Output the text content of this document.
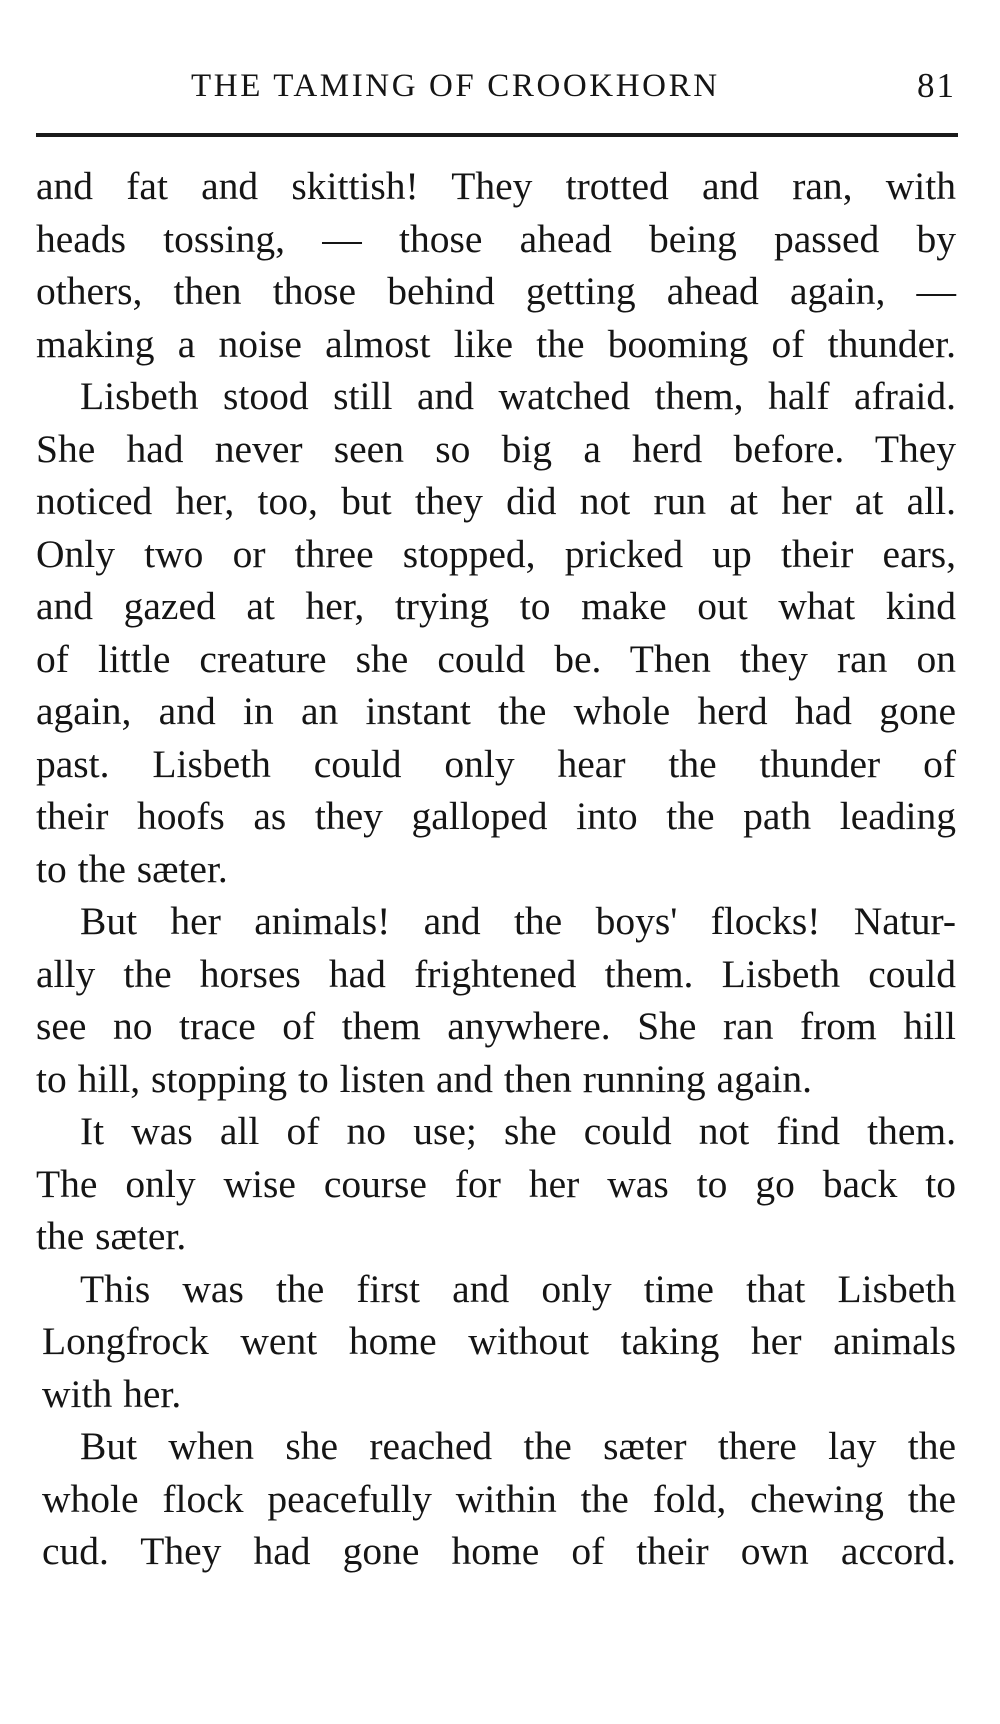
THE TAMING OF CROOKHORN	81
and fat and skittish! They trotted and ran, with
heads tossing, — those ahead being passed by
others, then those behind getting ahead again, —
making a noise almost like the booming of thunder.
Lisbeth stood still and watched them, half afraid.
She had never seen so big a herd before. They
noticed her, too, but they did not run at her at all.
Only two or three stopped, pricked up their ears,
and gazed at her, trying to make out what kind
of little creature she could be. Then they ran on
again, and in an instant the whole herd had gone
past. Lisbeth could only hear the thunder of
their hoofs as they galloped into the path leading
to the sæter.
But her animals! and the boys' flocks! Natur-
ally the horses had frightened them. Lisbeth could
see no trace of them anywhere. She ran from hill
to hill, stopping to listen and then running again.
It was all of no use; she could not find them.
The only wise course for her was to go back to
the sæter.
This was the first and only time that Lisbeth
Longfrock went home without taking her animals
with her.
But when she reached the sæter there lay the
whole flock peacefully within the fold, chewing the
cud. They had gone home of their own accord.
